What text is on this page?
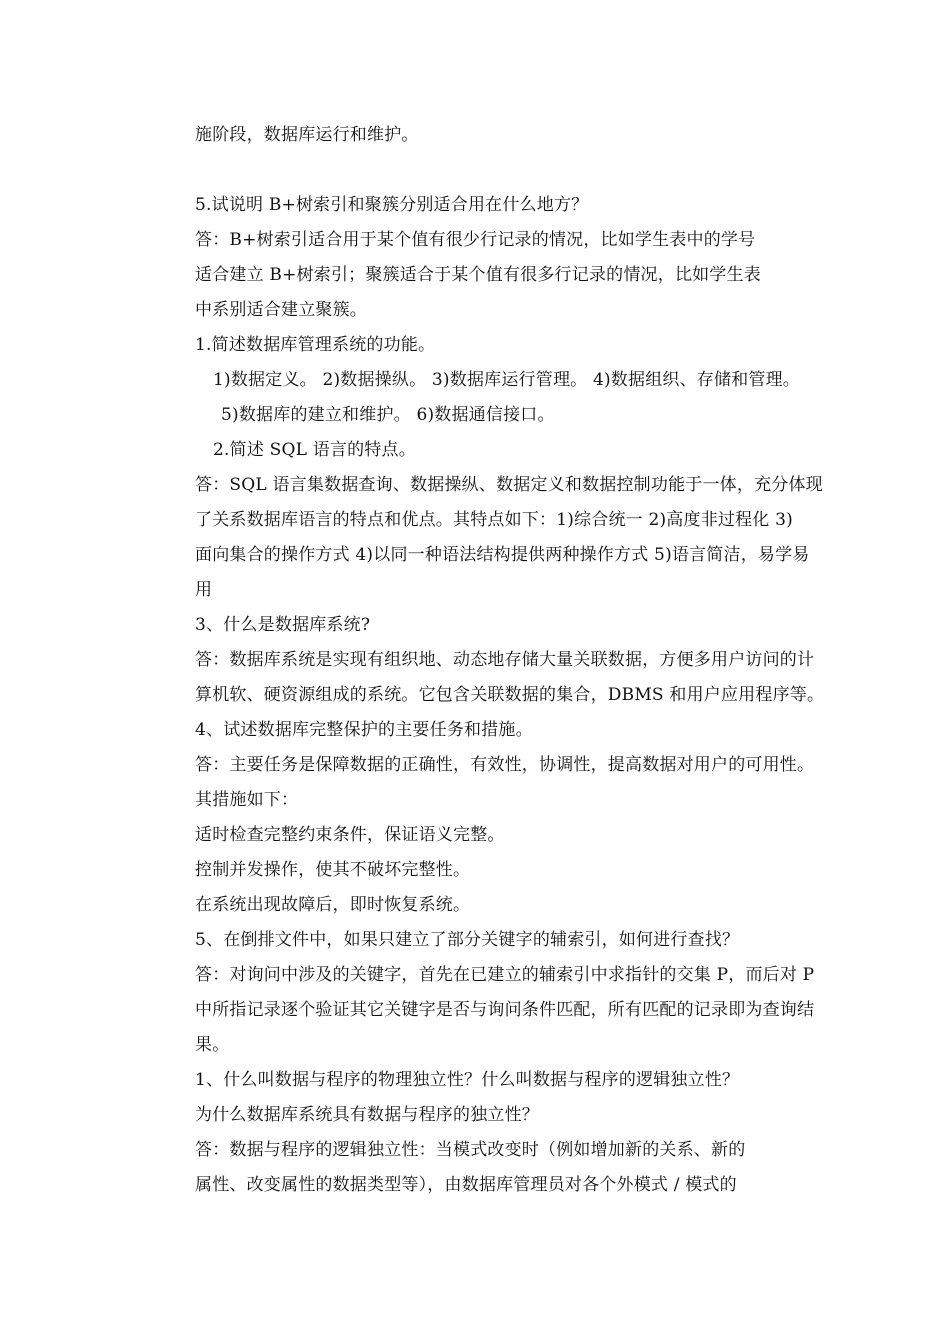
施阶段，数据库运行和维护。
5.试说明 B+树索引和聚簇分别适合用在什么地方？
答：B+树索引适合用于某个值有很少行记录的情况，比如学生表中的学号
适合建立 B+树索引；聚簇适合于某个值有很多行记录的情况，比如学生表
中系别适合建立聚簇。
1.简述数据库管理系统的功能。
1)数据定义。 2)数据操纵。 3)数据库运行管理。 4)数据组织、存储和管理。
5)数据库的建立和维护。 6)数据通信接口。
2.简述 SQL 语言的特点。
答：SQL 语言集数据查询、数据操纵、数据定义和数据控制功能于一体，充分体现
了关系数据库语言的特点和优点。其特点如下：1)综合统一 2)高度非过程化 3)
面向集合的操作方式 4)以同一种语法结构提供两种操作方式 5)语言简洁，易学易
用
3、什么是数据库系统?
答：数据库系统是实现有组织地、动态地存储大量关联数据，方便多用户访问的计
算机软、硬资源组成的系统。它包含关联数据的集合，DBMS 和用户应用程序等。
4、试述数据库完整保护的主要任务和措施。
答：主要任务是保障数据的正确性，有效性，协调性，提高数据对用户的可用性。
其措施如下：
适时检查完整约束条件，保证语义完整。
控制并发操作，使其不破坏完整性。
在系统出现故障后，即时恢复系统。
5、在倒排文件中，如果只建立了部分关键字的辅索引，如何进行查找？
答：对询问中涉及的关键字，首先在已建立的辅索引中求指针的交集 P，而后对 P
中所指记录逐个验证其它关键字是否与询问条件匹配，所有匹配的记录即为查询结
果。
1、什么叫数据与程序的物理独立性？什么叫数据与程序的逻辑独立性？
为什么数据库系统具有数据与程序的独立性？
答：数据与程序的逻辑独立性：当模式改变时（例如增加新的关系、新的
属性、改变属性的数据类型等），由数据库管理员对各个外模式 / 模式的
